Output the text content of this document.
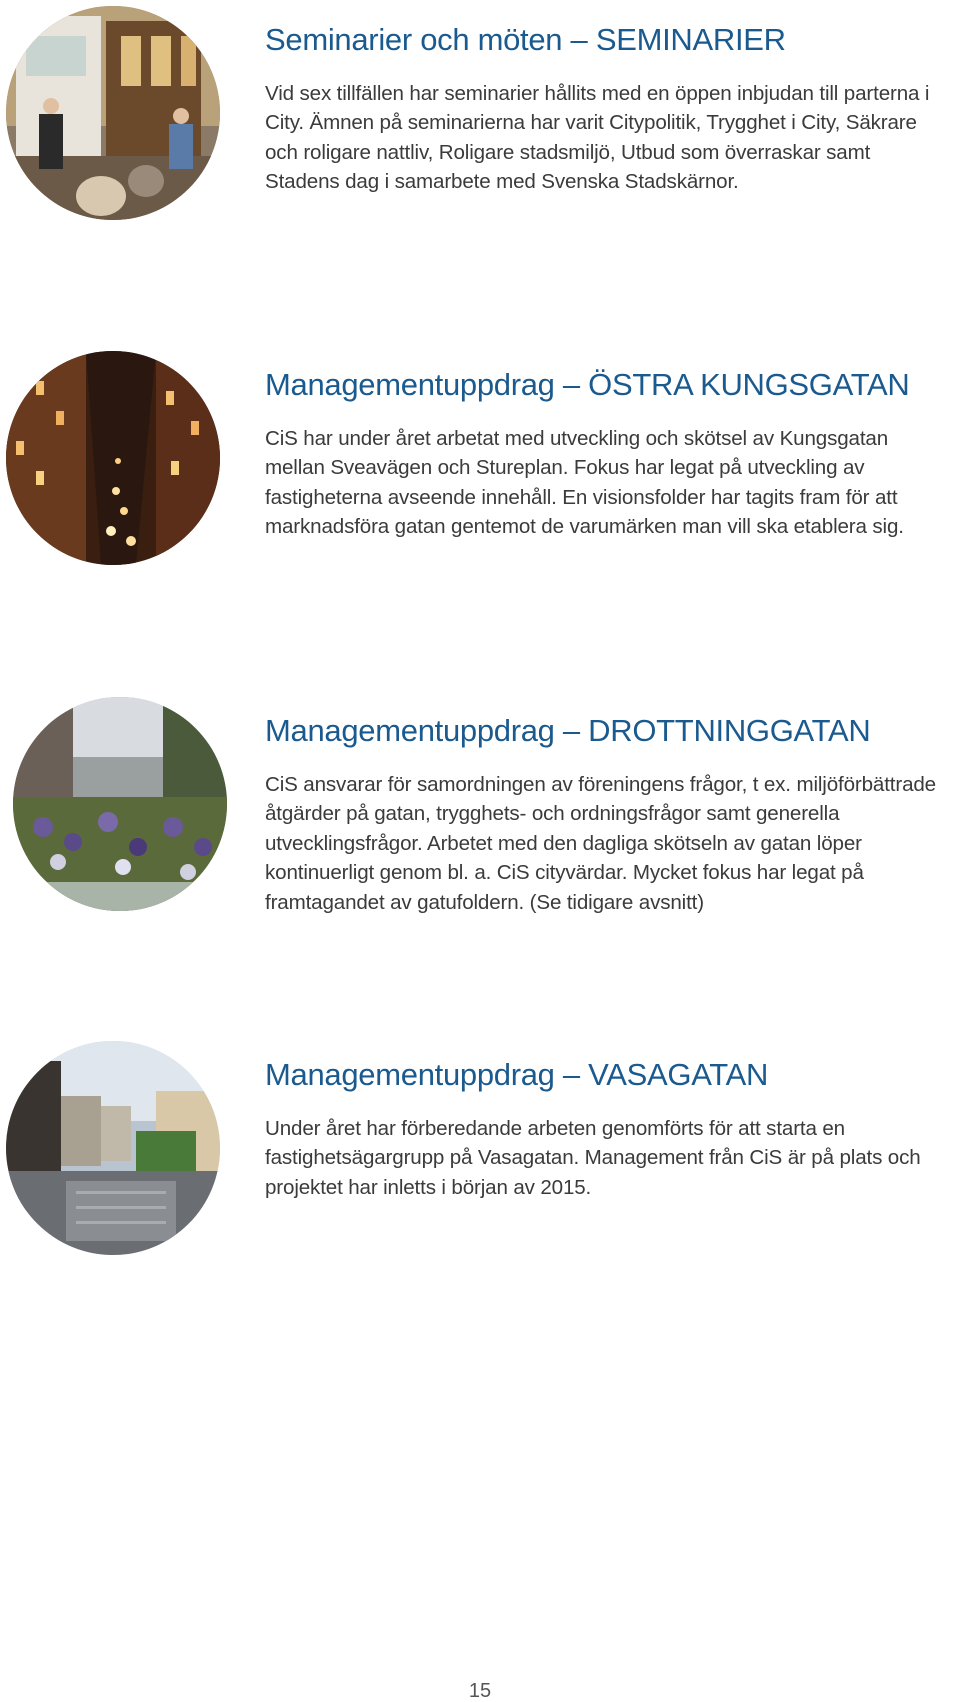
Seminarier och möten – SEMINARIER

Vid sex tillfällen har seminarier hållits med en öppen inbjudan till parterna i City. Ämnen på seminarierna har varit Citypolitik, Trygghet i City, Säkrare och roligare nattliv, Roligare stadsmiljö, Utbud som överraskar samt Stadens dag i samarbete med Svenska Stadskärnor.

Managementuppdrag – ÖSTRA KUNGSGATAN

CiS har under året arbetat med utveckling och skötsel av Kungsgatan mellan Sveavägen och Stureplan. Fokus har legat på utveckling av fastigheterna avseende innehåll. En visionsfolder har tagits fram för att marknadsföra gatan gentemot de varumärken man vill ska etablera sig.

Managementuppdrag – DROTTNINGGATAN

CiS ansvarar för samordningen av föreningens frågor, t ex. miljöförbättrade åtgärder på gatan, trygghets- och ordningsfrågor samt generella utvecklingsfrågor. Arbetet med den dagliga skötseln av gatan löper kontinuerligt genom bl. a. CiS cityvärdar. Mycket fokus har legat på framtagandet av gatufoldern. (Se tidigare avsnitt)

Managementuppdrag – VASAGATAN

Under året har förberedande arbeten genomförts för att starta en fastighetsägargrupp på Vasagatan. Management från CiS är på plats och projektet har inletts i början av 2015.

15
